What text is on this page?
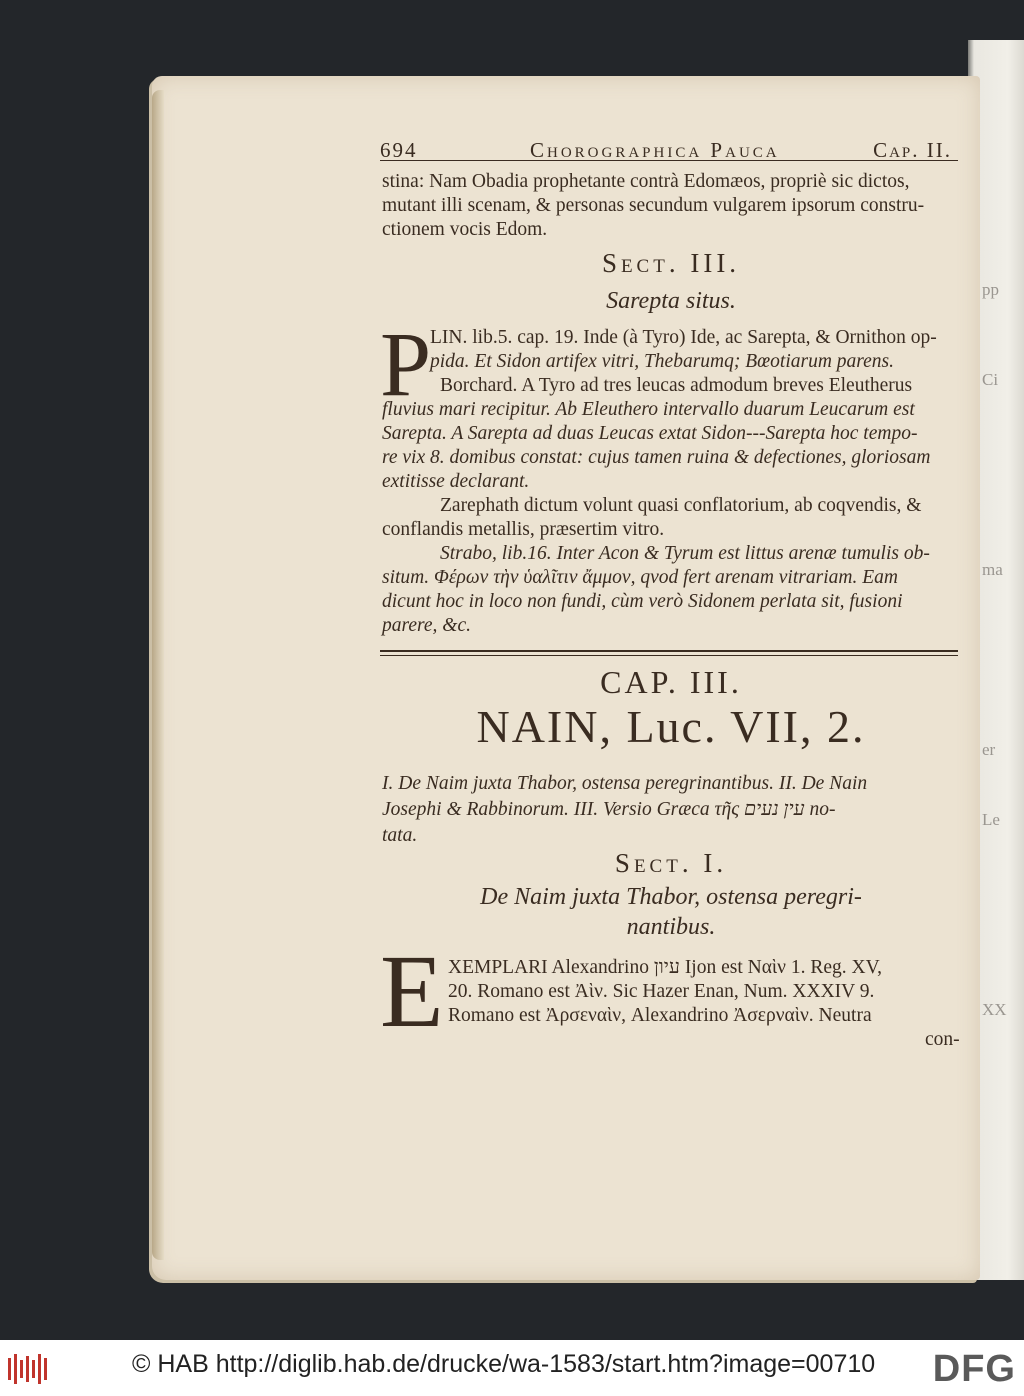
pp
Ci
ma
er
Le
XX
694	Chorographica Pauca	Cap. II.
stina: Nam Obadia prophetante contrà Edomæos, propriè sic dictos,
mutant illi scenam, & personas secundum vulgarem ipsorum constru-
ctionem vocis Edom.
Sect. III.
Sarepta situs.
P
LIN. lib.5. cap. 19. Inde (à Tyro) Ide, ac Sarepta, & Ornithon op-
pida. Et Sidon artifex vitri, Thebarumq; Bœotiarum parens.
Borchard. A Tyro ad tres leucas admodum breves Eleutherus
fluvius mari recipitur. Ab Eleuthero intervallo duarum Leucarum est
Sarepta. A Sarepta ad duas Leucas extat Sidon---Sarepta hoc tempo-
re vix 8. domibus constat: cujus tamen ruina & defectiones, gloriosam
extitisse declarant.
Zarephath dictum volunt quasi conflatorium, ab coqvendis, &
conflandis metallis, præsertim vitro.
Strabo, lib.16. Inter Acon & Tyrum est littus arenæ tumulis ob-
situm. Φέρων τὴν ὑαλῖτιν ἄμμον, qvod fert arenam vitrariam. Eam
dicunt hoc in loco non fundi, cùm verò Sidonem perlata sit, fusioni
parere, &c.
CAP. III.
NAIN, Luc. VII, 2.
I. De Naim juxta Thabor, ostensa peregrinantibus. II. De Nain
Josephi & Rabbinorum. III. Versio Græca τῆς עין נעים no-
tata.
Sect. I.
De Naim juxta Thabor, ostensa peregri-
nantibus.
E XEMPLARI Alexandrino עיון Ijon est Ναὶν 1. Reg. XV,
20. Romano est Ἀὶν. Sic Hazer Enan, Num. XXXIV 9.
Romano est Ἀρσεναὶν, Alexandrino Ἀσερναὶν. Neutra
con-
© HAB http://diglib.hab.de/drucke/wa-1583/start.htm?image=00710 DFG
